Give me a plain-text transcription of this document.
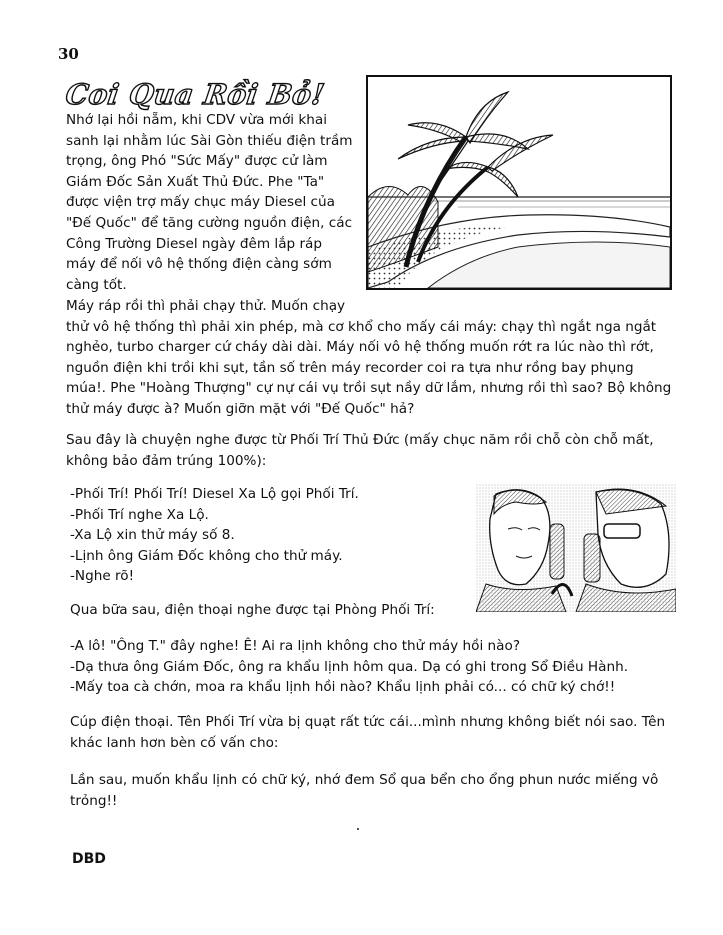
30
Coi Qua Rồi Bỏ!
Nhớ lại hồi nẵm, khi CDV vừa mới khai
sanh lại nhằm lúc Sài Gòn thiếu điện trầm
trọng, ông Phó "Sức Mấy" được cử làm
Giám Đốc Sản Xuất Thủ Đức. Phe "Ta"
được viện trợ mấy chục máy Diesel của
"Đế Quốc" để tăng cường nguồn điện, các
Công Trường Diesel ngày đêm lắp ráp
máy để nối vô hệ thống điện càng sớm
càng tốt.
Máy ráp rồi thì phải chạy thử. Muốn chạy
thử vô hệ thống thì phải xin phép, mà cơ khổ cho mấy cái máy: chạy thì ngắt nga ngắt
nghẻo, turbo charger cứ cháy dài dài. Máy nối vô hệ thống muốn rớt ra lúc nào thì rớt,
nguồn điện khi trồi khi sụt, tần số trên máy recorder coi ra tựa như rồng bay phụng
múa!. Phe "Hoàng Thượng" cự nự cái vụ trồi sụt nầy dữ lắm, nhưng rồi thì sao? Bộ không
thử máy được à? Muốn giỡn mặt với "Đế Quốc" hả?
Sau đây là chuyện nghe được từ Phối Trí Thủ Đức (mấy chục năm rồi chỗ còn chỗ mất,
không bảo đảm trúng 100%):
-Phối Trí! Phối Trí! Diesel Xa Lộ gọi Phối Trí.
-Phối Trí nghe Xa Lộ.
-Xa Lộ xin thử máy số 8.
-Lịnh ông Giám Đốc không cho thử máy.
-Nghe rõ!
Qua bữa sau, điện thoại nghe được tại Phòng Phối Trí:
-A lô! "Ông T." đây nghe! Ê! Ai ra lịnh không cho thử máy hồi nào?
-Dạ thưa ông Giám Đốc, ông ra khẩu lịnh hôm qua. Dạ có ghi trong Sổ Điều Hành.
-Mấy toa cà chớn, moa ra khẩu lịnh hồi nào? Khẩu lịnh phải có... có chữ ký chớ!!
Cúp điện thoại. Tên Phối Trí vừa bị quạt rất tức cái...mình nhưng không biết nói sao. Tên
khác lanh hơn bèn cố vấn cho:
Lần sau, muốn khẩu lịnh có chữ ký, nhớ đem Sổ qua bển cho ổng phun nước miếng vô
trỏng!!
DBD
